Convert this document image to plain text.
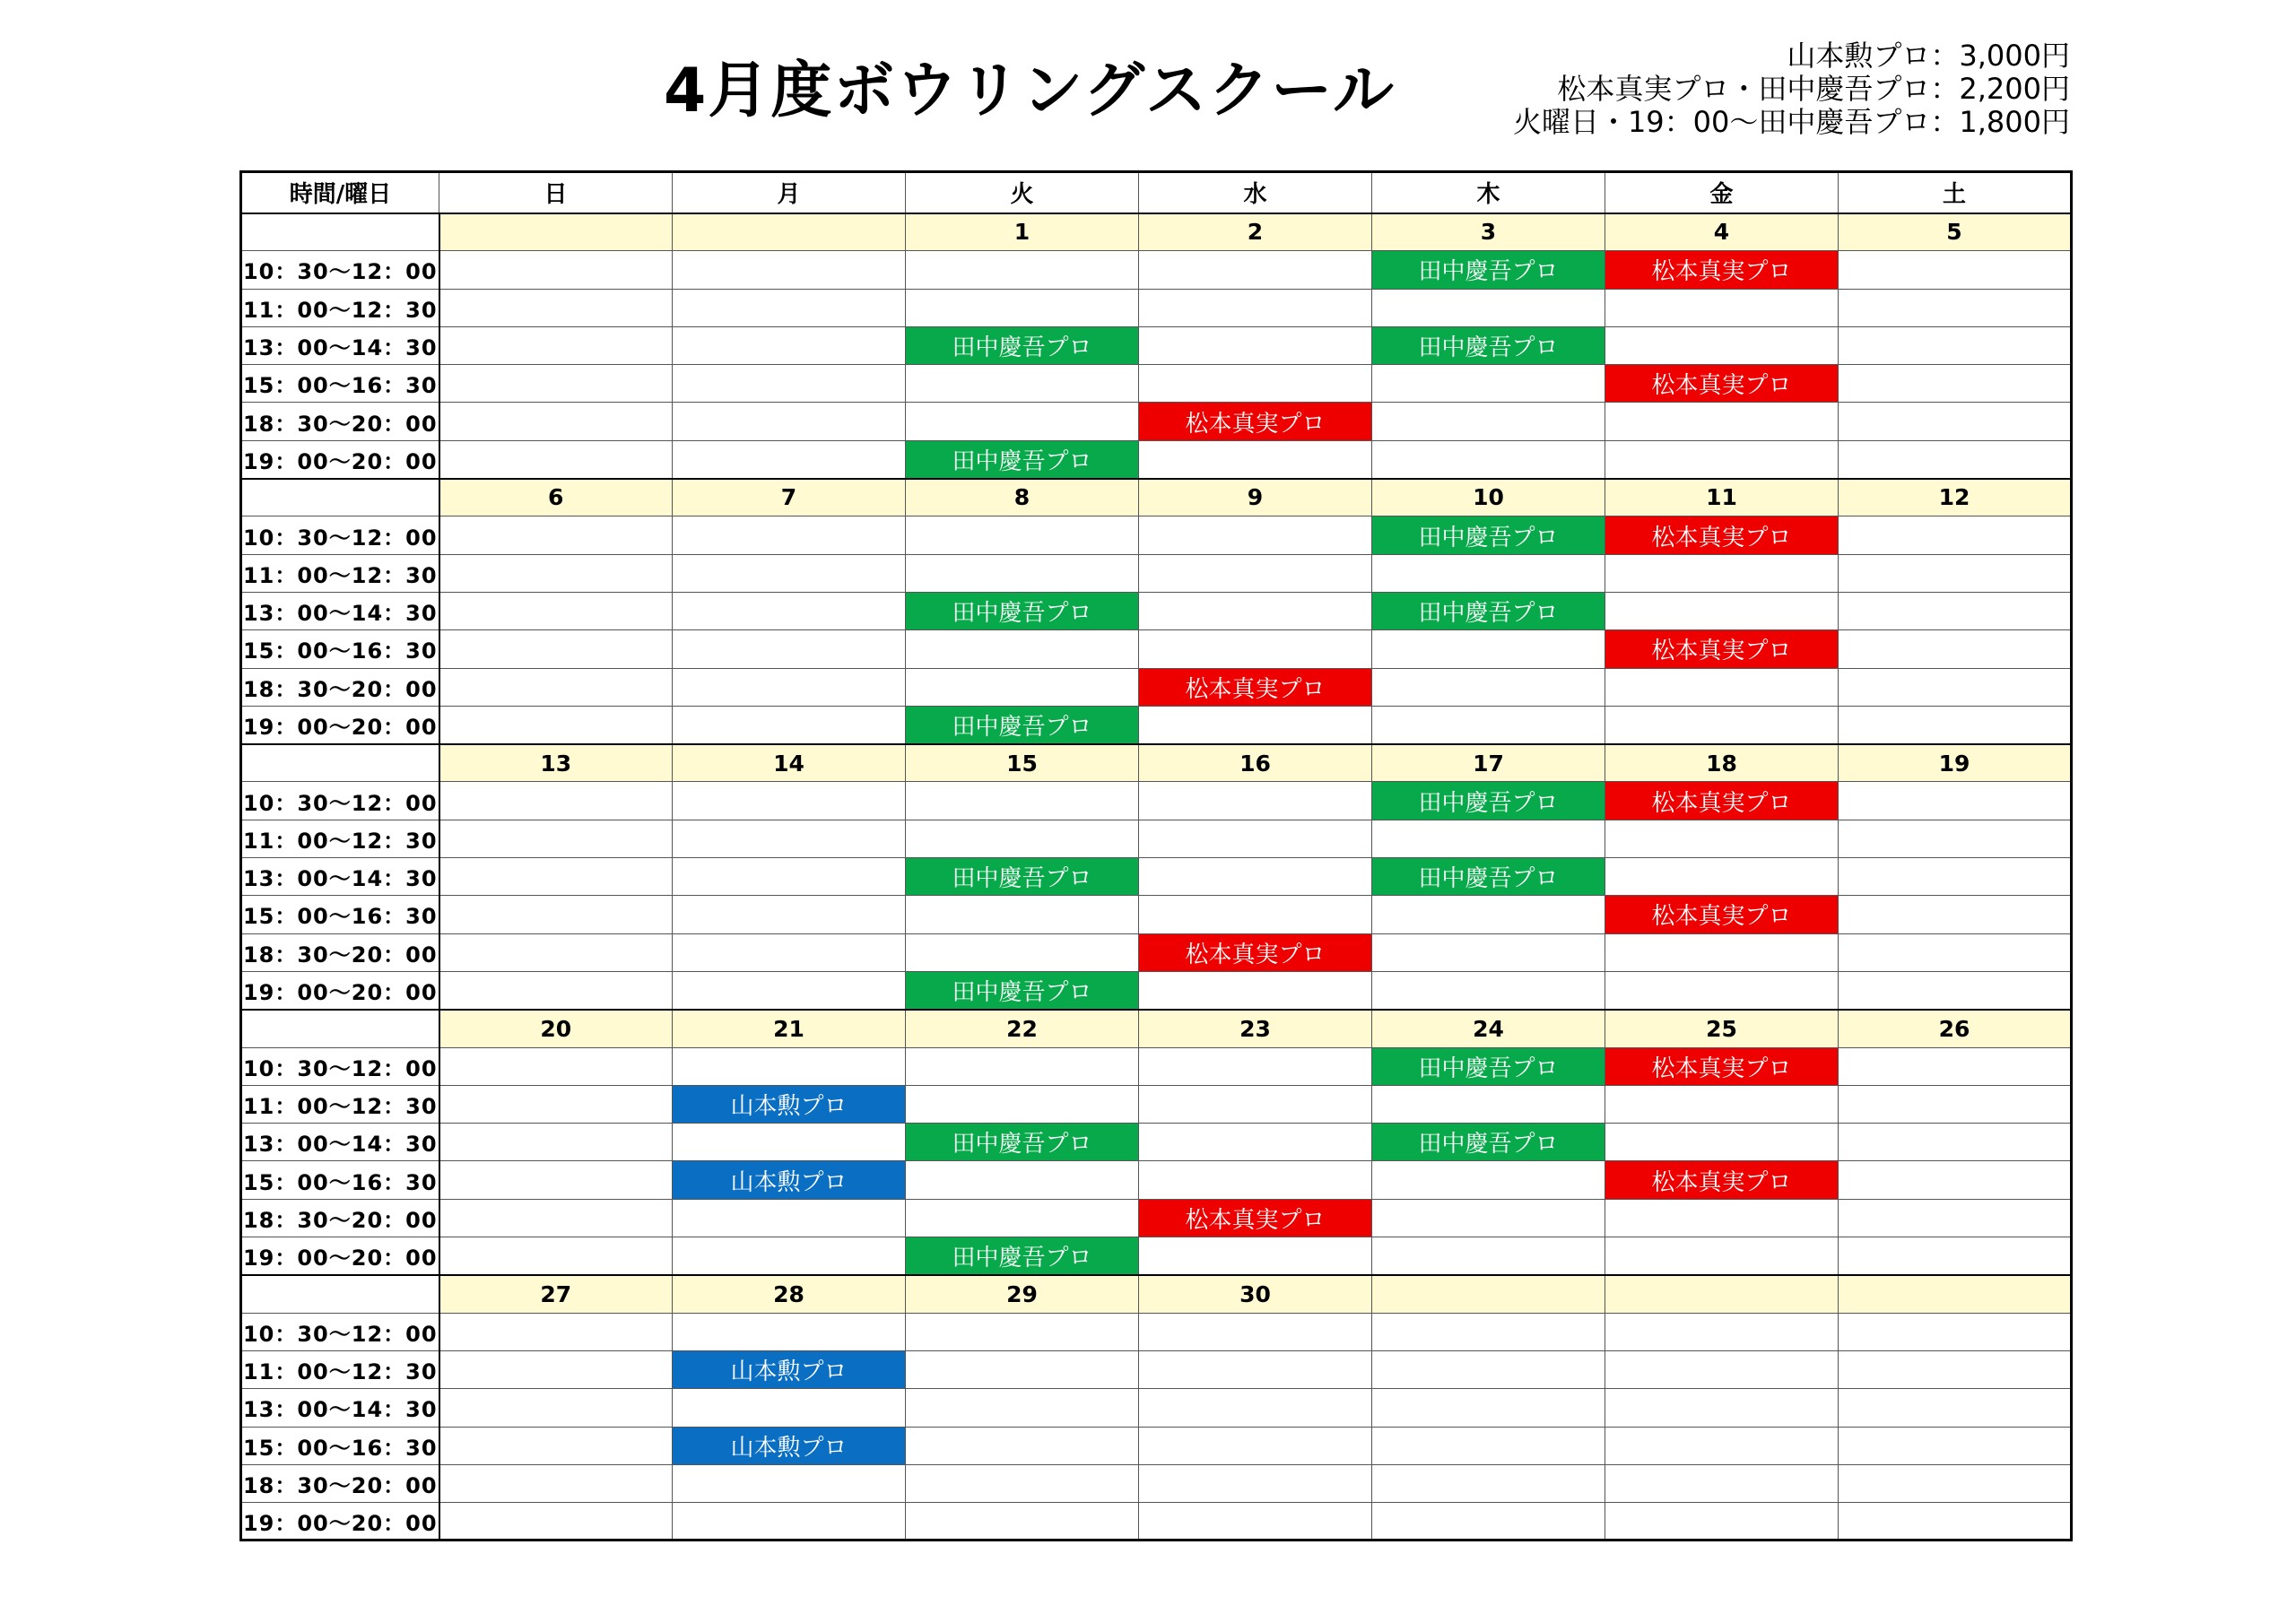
4月度ボウリングスクール	山本勲プロ：3,000円
松本真実プロ・田中慶吾プロ：2,200円
火曜日・19：00〜田中慶吾プロ：1,800円
時間/曜日	日	月	火	水	木	金	土
			1	2	3	4	5
10：30〜12：00					田中慶吾プロ	松本真実プロ	
11：00〜12：30							
13：00〜14：30			田中慶吾プロ		田中慶吾プロ		
15：00〜16：30						松本真実プロ	
18：30〜20：00				松本真実プロ			
19：00〜20：00			田中慶吾プロ				
	6	7	8	9	10	11	12
10：30〜12：00					田中慶吾プロ	松本真実プロ	
11：00〜12：30							
13：00〜14：30			田中慶吾プロ		田中慶吾プロ		
15：00〜16：30						松本真実プロ	
18：30〜20：00				松本真実プロ			
19：00〜20：00			田中慶吾プロ				
	13	14	15	16	17	18	19
10：30〜12：00					田中慶吾プロ	松本真実プロ	
11：00〜12：30							
13：00〜14：30			田中慶吾プロ		田中慶吾プロ		
15：00〜16：30						松本真実プロ	
18：30〜20：00				松本真実プロ			
19：00〜20：00			田中慶吾プロ				
	20	21	22	23	24	25	26
10：30〜12：00					田中慶吾プロ	松本真実プロ	
11：00〜12：30		山本勲プロ					
13：00〜14：30			田中慶吾プロ		田中慶吾プロ		
15：00〜16：30		山本勲プロ				松本真実プロ	
18：30〜20：00				松本真実プロ			
19：00〜20：00			田中慶吾プロ				
	27	28	29	30			
10：30〜12：00							
11：00〜12：30		山本勲プロ					
13：00〜14：30							
15：00〜16：30		山本勲プロ					
18：30〜20：00							
19：00〜20：00							
